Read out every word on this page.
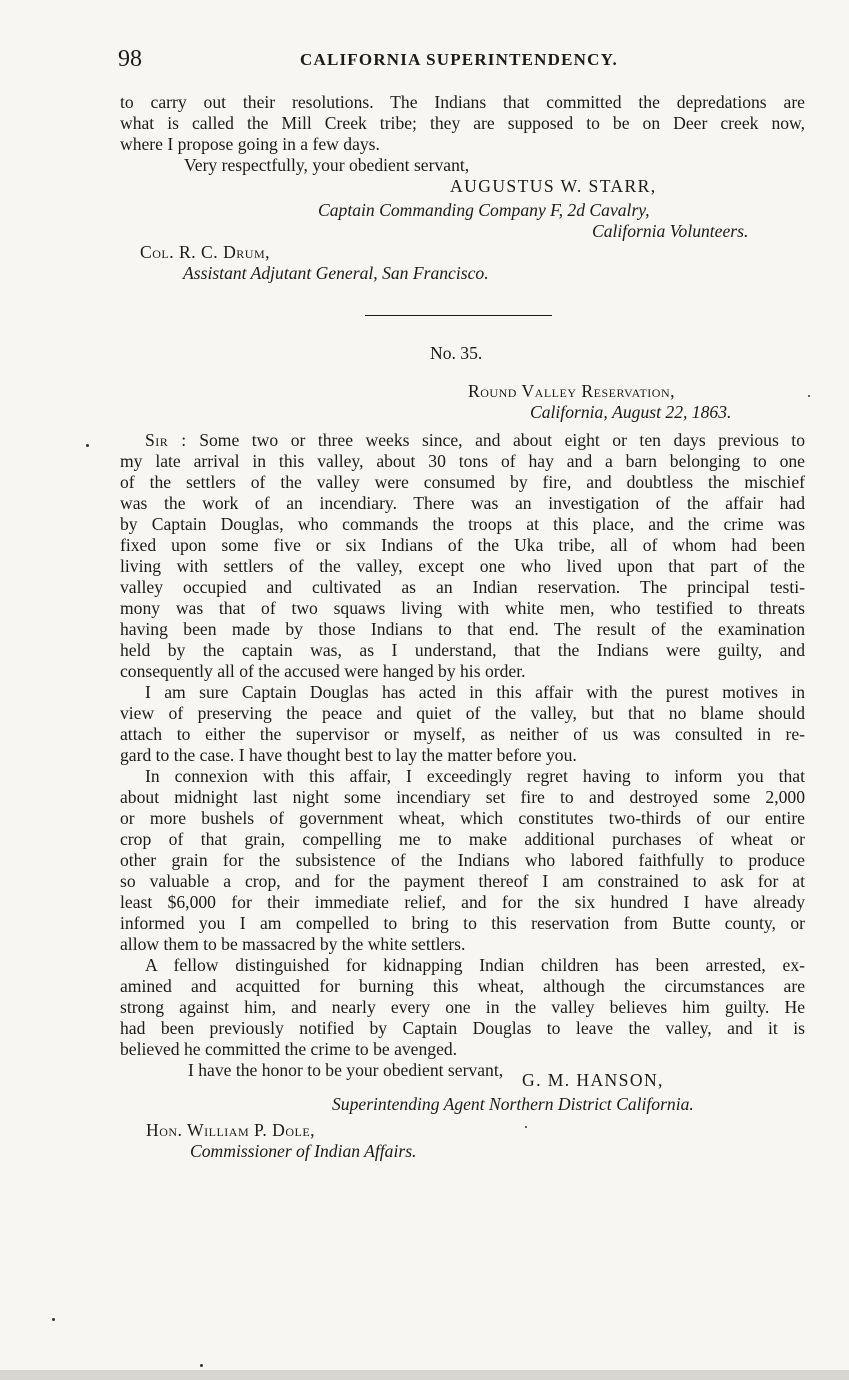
98	CALIFORNIA SUPERINTENDENCY.
to carry out their resolutions. The Indians that committed the depredations are
what is called the Mill Creek tribe; they are supposed to be on Deer creek now,
where I propose going in a few days.
Very respectfully, your obedient servant,
AUGUSTUS W. STARR,
Captain Commanding Company F, 2d Cavalry,
California Volunteers.
Col. R. C. Drum,
Assistant Adjutant General, San Francisco.
No. 35.
Round Valley Reservation,
California, August 22, 1863.
Sir : Some two or three weeks since, and about eight or ten days previous to
my late arrival in this valley, about 30 tons of hay and a barn belonging to one
of the settlers of the valley were consumed by fire, and doubtless the mischief
was the work of an incendiary. There was an investigation of the affair had
by Captain Douglas, who commands the troops at this place, and the crime was
fixed upon some five or six Indians of the Uka tribe, all of whom had been
living with settlers of the valley, except one who lived upon that part of the
valley occupied and cultivated as an Indian reservation. The principal testi-
mony was that of two squaws living with white men, who testified to threats
having been made by those Indians to that end. The result of the examination
held by the captain was, as I understand, that the Indians were guilty, and
consequently all of the accused were hanged by his order.
I am sure Captain Douglas has acted in this affair with the purest motives in
view of preserving the peace and quiet of the valley, but that no blame should
attach to either the supervisor or myself, as neither of us was consulted in re-
gard to the case. I have thought best to lay the matter before you.
In connexion with this affair, I exceedingly regret having to inform you that
about midnight last night some incendiary set fire to and destroyed some 2,000
or more bushels of government wheat, which constitutes two-thirds of our entire
crop of that grain, compelling me to make additional purchases of wheat or
other grain for the subsistence of the Indians who labored faithfully to produce
so valuable a crop, and for the payment thereof I am constrained to ask for at
least $6,000 for their immediate relief, and for the six hundred I have already
informed you I am compelled to bring to this reservation from Butte county, or
allow them to be massacred by the white settlers.
A fellow distinguished for kidnapping Indian children has been arrested, ex-
amined and acquitted for burning this wheat, although the circumstances are
strong against him, and nearly every one in the valley believes him guilty. He
had been previously notified by Captain Douglas to leave the valley, and it is
believed he committed the crime to be avenged.
I have the honor to be your obedient servant, G. M. HANSON,
Superintending Agent Northern District California.
Hon. William P. Dole,
Commissioner of Indian Affairs.
